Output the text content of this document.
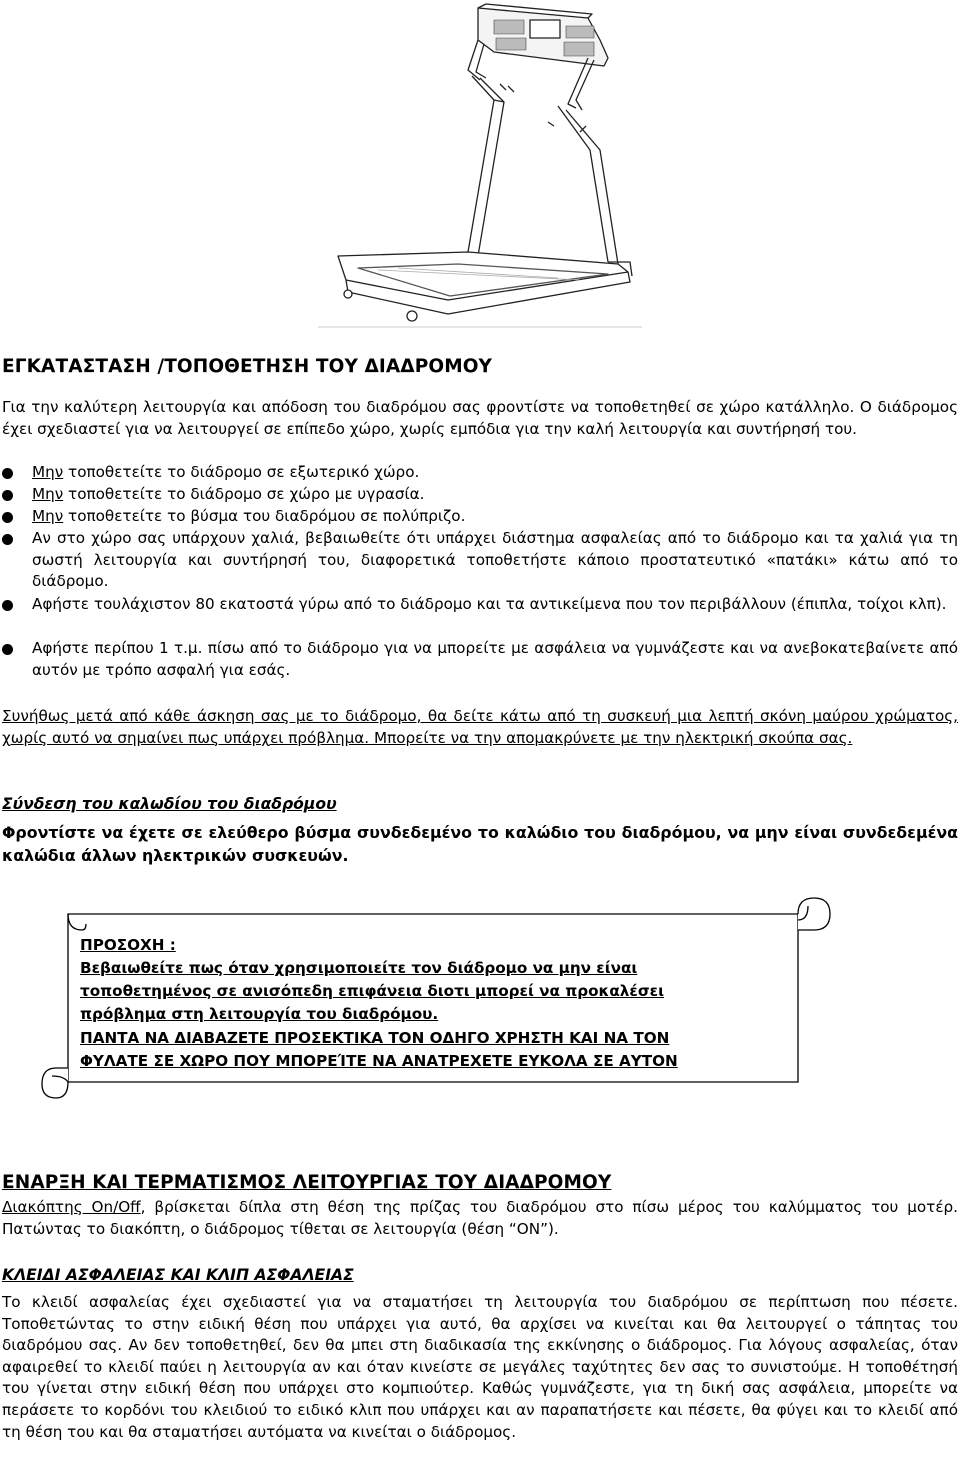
ΕΓΚΑΤΑΣΤΑΣΗ /ΤΟΠΟΘΕΤΗΣΗ ΤΟΥ ΔΙΑΔΡΟΜΟΥ

Για την καλύτερη λειτουργία και απόδοση του διαδρόμου σας φροντίστε να τοποθετηθεί σε χώρο κατάλληλο. Ο διάδρομος έχει σχεδιαστεί για να λειτουργεί σε επίπεδο χώρο, χωρίς εμπόδια για την καλή λειτουργία και συντήρησή του.

Μην τοποθετείτε το διάδρομο σε εξωτερικό χώρο.
Μην τοποθετείτε το διάδρομο σε χώρο με υγρασία.
Μην τοποθετείτε το βύσμα του διαδρόμου σε πολύπριζο.
Αν στο χώρο σας υπάρχουν χαλιά, βεβαιωθείτε ότι υπάρχει διάστημα ασφαλείας από το διάδρομο και τα χαλιά για τη σωστή λειτουργία και συντήρησή του, διαφορετικά τοποθετήστε κάποιο προστατευτικό «πατάκι» κάτω από το διάδρομο.
Αφήστε τουλάχιστον 80 εκατοστά γύρω από το διάδρομο και τα αντικείμενα που τον περιβάλλουν (έπιπλα, τοίχοι κλπ).
Αφήστε περίπου 1 τ.μ. πίσω από το διάδρομο για να μπορείτε με ασφάλεια να γυμνάζεστε και να ανεβοκατεβαίνετε από αυτόν με τρόπο ασφαλή για εσάς.

Συνήθως μετά από κάθε άσκηση σας με το διάδρομο, θα δείτε κάτω από τη συσκευή μια λεπτή σκόνη μαύρου χρώματος, χωρίς αυτό να σημαίνει πως υπάρχει πρόβλημα. Μπορείτε να την απομακρύνετε με την ηλεκτρική σκούπα σας.

Σύνδεση του καλωδίου του διαδρόμου

Φροντίστε να έχετε σε ελεύθερο βύσμα συνδεδεμένο το καλώδιο του διαδρόμου, να μην είναι συνδεδεμένα καλώδια άλλων ηλεκτρικών συσκευών.

ΠΡΟΣΟΧΗ :
Βεβαιωθείτε πως όταν χρησιμοποιείτε τον διάδρομο να μην είναι
τοποθετημένος σε ανισόπεδη επιφάνεια διοτι μπορεί να προκαλέσει
πρόβλημα στη λειτουργία του διαδρόμου.
ΠΑΝΤΑ ΝΑ ΔΙΑΒΑΖΕΤΕ ΠΡΟΣΕΚΤΙΚΑ ΤΟΝ ΟΔΗΓΟ ΧΡΗΣΤΗ ΚΑΙ ΝΑ ΤΟΝ
ΦΥΛΑΤΕ ΣΕ ΧΩΡΟ ΠΟΥ ΜΠΟΡΕΊΤΕ ΝΑ ΑΝΑΤΡΕΧΕΤΕ ΕΥΚΟΛΑ ΣΕ ΑΥΤΟΝ
ΕΝΑΡΞΗ ΚΑΙ ΤΕΡΜΑΤΙΣΜΟΣ ΛΕΙΤΟΥΡΓΙΑΣ ΤΟΥ ΔΙΑΔΡΟΜΟΥ

Διακόπτης On/Off, βρίσκεται δίπλα στη θέση της πρίζας του διαδρόμου στο πίσω μέρος του καλύμματος του μοτέρ. Πατώντας το διακόπτη, ο διάδρομος τίθεται σε λειτουργία (θέση “ON”).

ΚΛΕΙΔΙ ΑΣΦΑΛΕΙΑΣ ΚΑΙ ΚΛΙΠ ΑΣΦΑΛΕΙΑΣ

Το κλειδί ασφαλείας έχει σχεδιαστεί για να σταματήσει τη λειτουργία του διαδρόμου σε περίπτωση που πέσετε. Τοποθετώντας το στην ειδική θέση που υπάρχει για αυτό, θα αρχίσει να κινείται και θα λειτουργεί ο τάπητας του διαδρόμου σας. Αν δεν τοποθετηθεί, δεν θα μπει στη διαδικασία της εκκίνησης ο διάδρομος. Για λόγους ασφαλείας, όταν αφαιρεθεί το κλειδί παύει η λειτουργία αν και όταν κινείστε σε μεγάλες ταχύτητες δεν σας το συνιστούμε. Η τοποθέτησή του γίνεται στην ειδική θέση που υπάρχει στο κομπιούτερ. Καθώς γυμνάζεστε, για τη δική σας ασφάλεια, μπορείτε να περάσετε το κορδόνι του κλειδιού το ειδικό κλιπ που υπάρχει και αν παραπατήσετε και πέσετε, θα φύγει και το κλειδί από τη θέση του και θα σταματήσει αυτόματα να κινείται ο διάδρομος.
